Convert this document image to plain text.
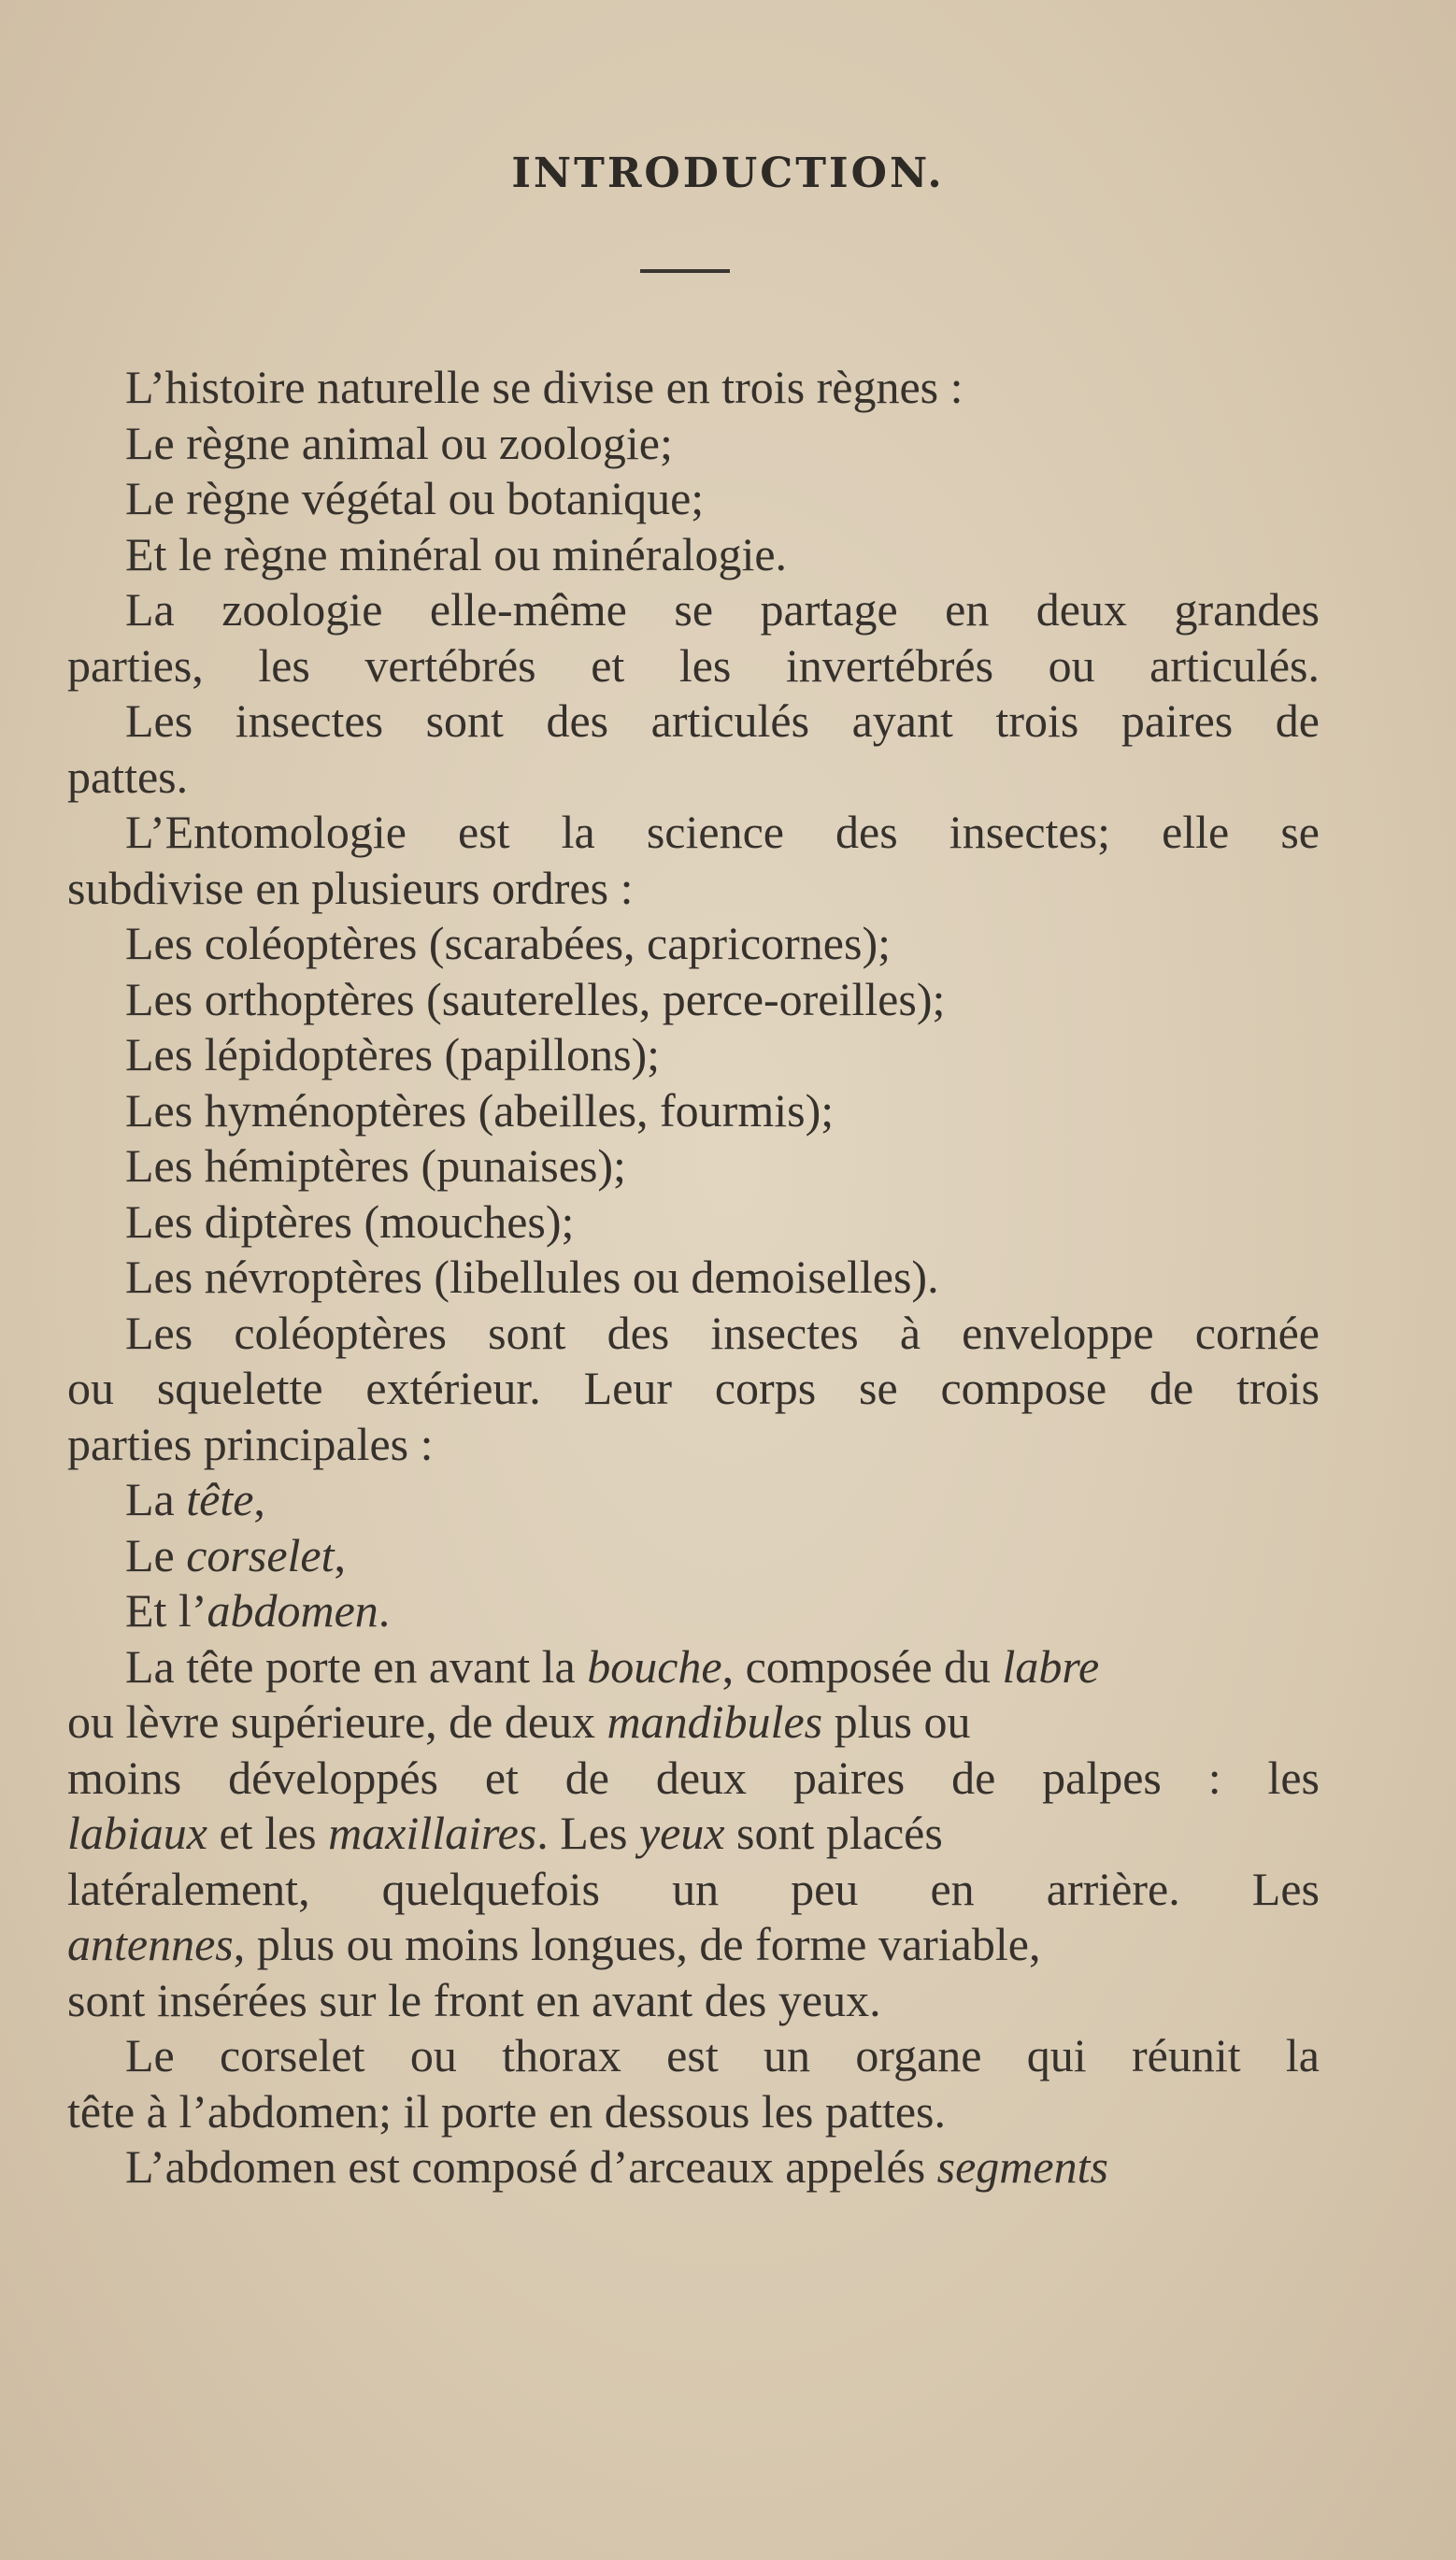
INTRODUCTION.
L’histoire naturelle se divise en trois règnes :
Le règne animal ou zoologie;
Le règne végétal ou botanique;
Et le règne minéral ou minéralogie.
La zoologie elle-même se partage en deux grandes
parties, les vertébrés et les invertébrés ou articulés.
Les insectes sont des articulés ayant trois paires de
pattes.
L’Entomologie est la science des insectes; elle se
subdivise en plusieurs ordres :
Les coléoptères (scarabées, capricornes);
Les orthoptères (sauterelles, perce-oreilles);
Les lépidoptères (papillons);
Les hyménoptères (abeilles, fourmis);
Les hémiptères (punaises);
Les diptères (mouches);
Les névroptères (libellules ou demoiselles).
Les coléoptères sont des insectes à enveloppe cornée
ou squelette extérieur. Leur corps se compose de trois
parties principales :
La tête,
Le corselet,
Et l’abdomen.
La tête porte en avant la bouche, composée du labre
ou lèvre supérieure, de deux mandibules plus ou
moins développés et de deux paires de palpes : les
labiaux et les maxillaires. Les yeux sont placés
latéralement, quelquefois un peu en arrière. Les
antennes, plus ou moins longues, de forme variable,
sont insérées sur le front en avant des yeux.
Le corselet ou thorax est un organe qui réunit la
tête à l’abdomen; il porte en dessous les pattes.
L’abdomen est composé d’arceaux appelés segments
